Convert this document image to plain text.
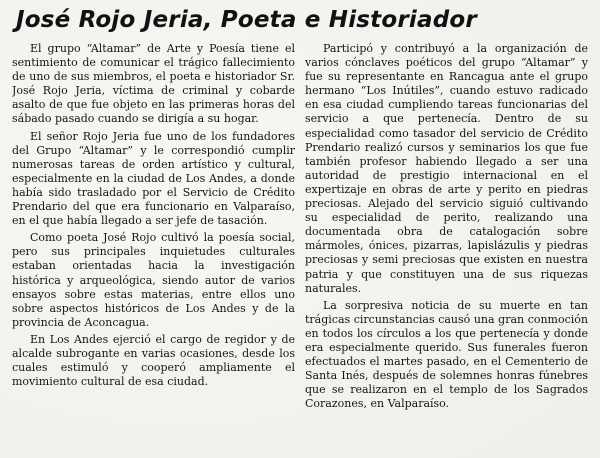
José Rojo Jeria, Poeta e Historiador

El grupo “Altamar” de Arte y Poesía tiene el sentimiento de comunicar el trágico fallecimiento de uno de sus miembros, el poeta e historiador Sr. José Rojo Jeria, víctima de criminal y cobarde asalto de que fue objeto en las primeras horas del sábado pasado cuando se dirigía a su hogar.

El señor Rojo Jeria fue uno de los fundadores del Grupo “Altamar” y le correspondió cumplir numerosas tareas de orden artístico y cultural, especialmente en la ciudad de Los Andes, a donde había sido trasladado por el Servicio de Crédito Prendario del que era funcionario en Valparaíso, en el que había llegado a ser jefe de tasación.

Como poeta José Rojo cultivó la poesía social, pero sus principales inquietudes culturales estaban orientadas hacia la investigación histórica y arqueológica, siendo autor de varios ensayos sobre estas materias, entre ellos uno sobre aspectos históricos de Los Andes y de la provincia de Aconcagua.

En Los Andes ejerció el cargo de regidor y de alcalde subrogante en varias ocasiones, desde los cuales estimuló y cooperó ampliamente el movimiento cultural de esa ciudad.

Participó y contribuyó a la organización de varios cónclaves poéticos del grupo “Altamar” y fue su representante en Rancagua ante el grupo hermano “Los Inútiles”, cuando estuvo radicado en esa ciudad cumpliendo tareas funcionarias del servicio a que pertenecía. Dentro de su especialidad como tasador del servicio de Crédito Prendario realizó cursos y seminarios los que fue también profesor habiendo llegado a ser una autoridad de prestigio internacional en el expertizaje en obras de arte y perito en piedras preciosas. Alejado del servicio siguió cultivando su especialidad de perito, realizando una documentada obra de catalogación sobre mármoles, ónices, pizarras, lapislázulis y piedras preciosas y semi preciosas que existen en nuestra patria y que constituyen una de sus riquezas naturales.

La sorpresiva noticia de su muerte en tan trágicas circunstancias causó una gran conmoción en todos los círculos a los que pertenecía y donde era especialmente querido. Sus funerales fueron efectuados el martes pasado, en el Cementerio de Santa Inés, después de solemnes honras fúnebres que se realizaron en el templo de los Sagrados Corazones, en Valparaíso.
